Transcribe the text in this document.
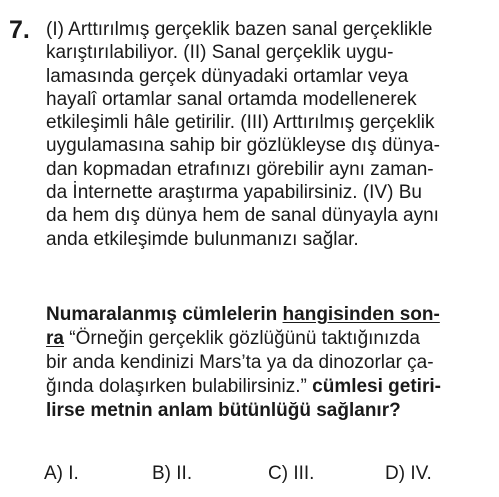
7. (I) Arttırılmış gerçeklik bazen sanal gerçeklikle
karıştırılabiliyor. (II) Sanal gerçeklik uygu-
lamasında gerçek dünyadaki ortamlar veya
hayalî ortamlar sanal ortamda modellenerek
etkileşimli hâle getirilir. (III) Arttırılmış gerçeklik
uygulamasına sahip bir gözlükleyse dış dünya-
dan kopmadan etrafınızı görebilir aynı zaman-
da İnternette araştırma yapabilirsiniz. (IV) Bu
da hem dış dünya hem de sanal dünyayla aynı
anda etkileşimde bulunmanızı sağlar.
Numaralanmış cümlelerin hangisinden son-
ra “Örneğin gerçeklik gözlüğünü taktığınızda
bir anda kendinizi Mars’ta ya da dinozorlar ça-
ğında dolaşırken bulabilirsiniz.” cümlesi getiri-
lirse metnin anlam bütünlüğü sağlanır?
A) I.	B) II.	C) III.	D) IV.
